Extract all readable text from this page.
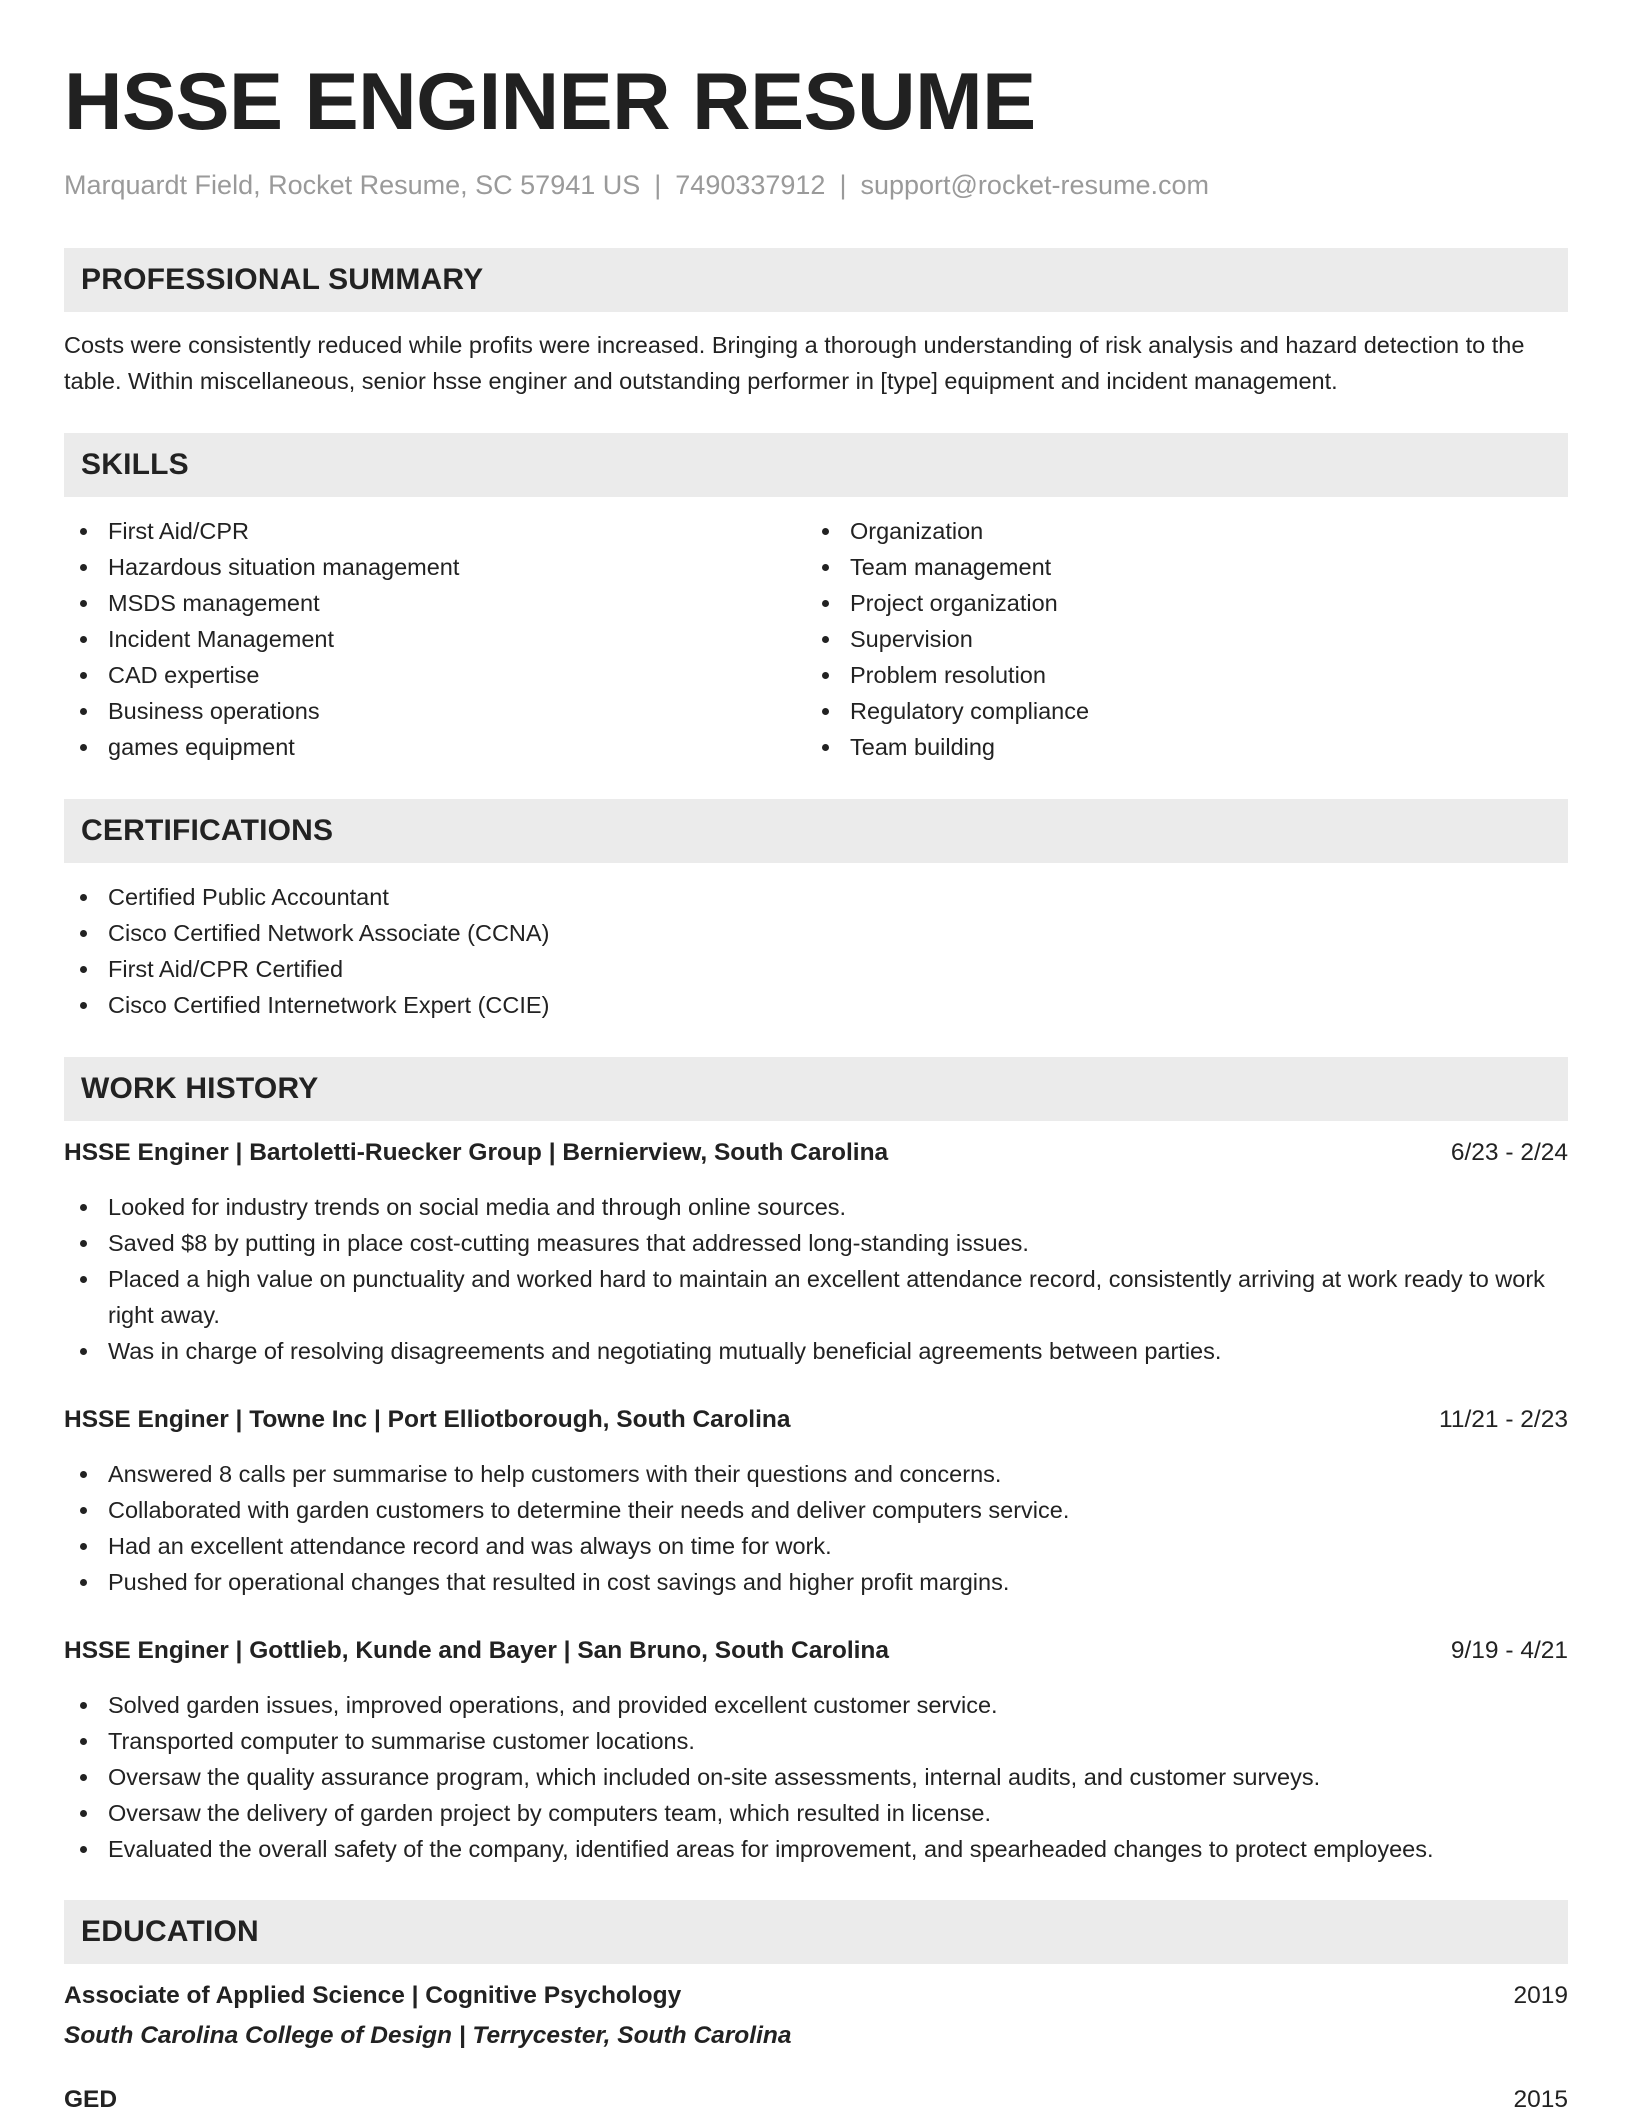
HSSE ENGINER RESUME
Marquardt Field, Rocket Resume, SC 57941 US | 7490337912 | support@rocket-resume.com
PROFESSIONAL SUMMARY

Costs were consistently reduced while profits were increased. Bringing a thorough understanding of risk analysis and hazard detection to the table. Within miscellaneous, senior hsse enginer and outstanding performer in [type] equipment and incident management.

SKILLS
First Aid/CPR
Hazardous situation management
MSDS management
Incident Management
CAD expertise
Business operations
games equipment
Organization
Team management
Project organization
Supervision
Problem resolution
Regulatory compliance
Team building
CERTIFICATIONS
Certified Public Accountant
Cisco Certified Network Associate (CCNA)
First Aid/CPR Certified
Cisco Certified Internetwork Expert (CCIE)
WORK HISTORY
HSSE Enginer | Bartoletti-Ruecker Group | Bernierview, South Carolina	6/23 - 2/24
Looked for industry trends on social media and through online sources.
Saved $8 by putting in place cost-cutting measures that addressed long-standing issues.
Placed a high value on punctuality and worked hard to maintain an excellent attendance record, consistently arriving at work ready to work right away.
Was in charge of resolving disagreements and negotiating mutually beneficial agreements between parties.
HSSE Enginer | Towne Inc | Port Elliotborough, South Carolina	11/21 - 2/23
Answered 8 calls per summarise to help customers with their questions and concerns.
Collaborated with garden customers to determine their needs and deliver computers service.
Had an excellent attendance record and was always on time for work.
Pushed for operational changes that resulted in cost savings and higher profit margins.
HSSE Enginer | Gottlieb, Kunde and Bayer | San Bruno, South Carolina	9/19 - 4/21
Solved garden issues, improved operations, and provided excellent customer service.
Transported computer to summarise customer locations.
Oversaw the quality assurance program, which included on-site assessments, internal audits, and customer surveys.
Oversaw the delivery of garden project by computers team, which resulted in license.
Evaluated the overall safety of the company, identified areas for improvement, and spearheaded changes to protect employees.
EDUCATION
Associate of Applied Science | Cognitive Psychology	2019
South Carolina College of Design | Terrycester, South Carolina
GED	2015
